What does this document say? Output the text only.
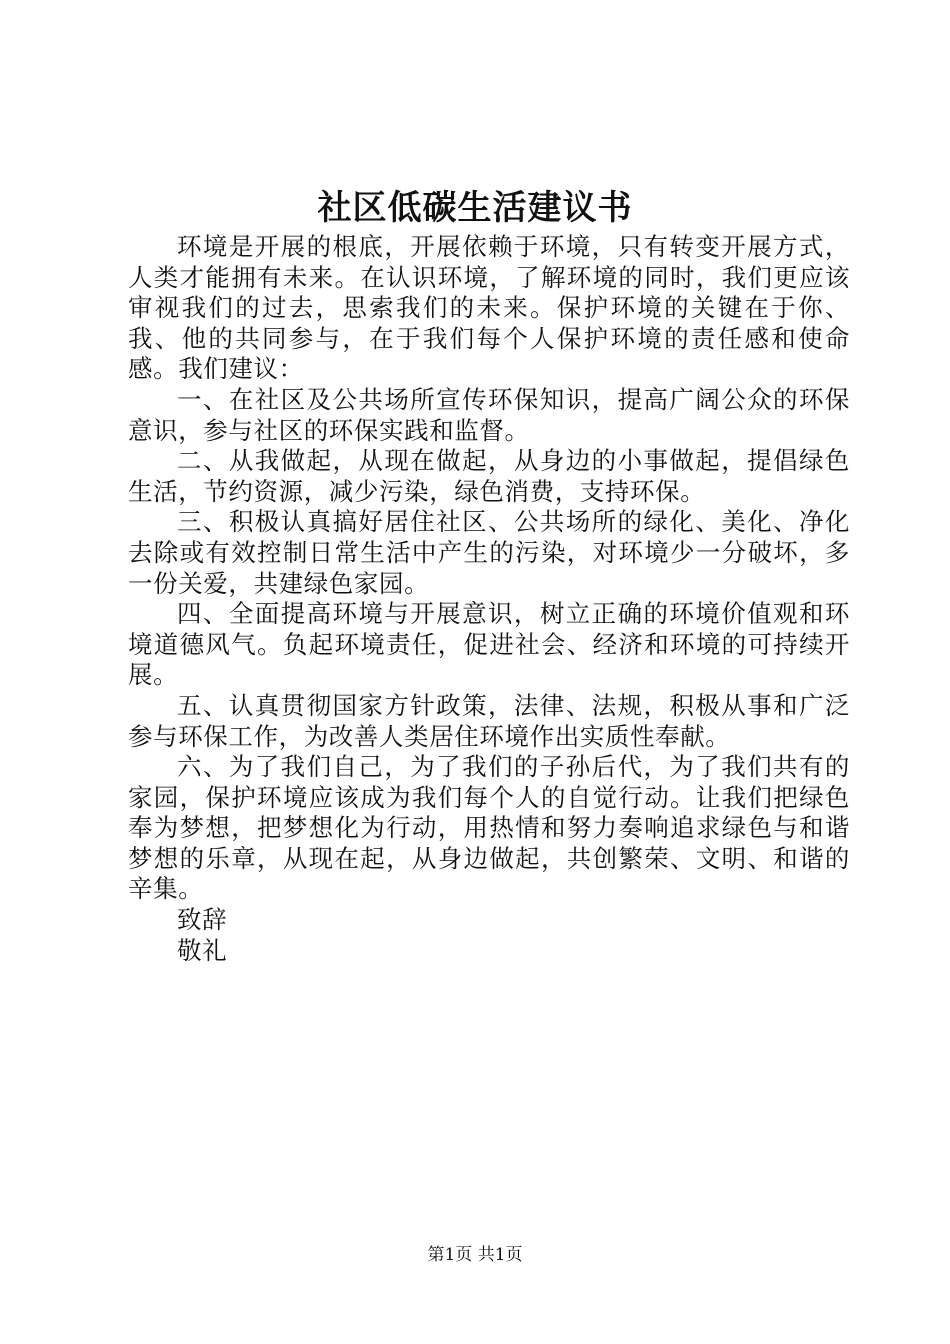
社区低碳生活建议书

环境是开展的根底，开展依赖于环境，只有转变开展方式，人类才能拥有未来。在认识环境，了解环境的同时，我们更应该审视我们的过去，思索我们的未来。保护环境的关键在于你、我、他的共同参与，在于我们每个人保护环境的责任感和使命感。我们建议：

一、在社区及公共场所宣传环保知识，提高广阔公众的环保意识，参与社区的环保实践和监督。

二、从我做起，从现在做起，从身边的小事做起，提倡绿色生活，节约资源，减少污染，绿色消费，支持环保。

三、积极认真搞好居住社区、公共场所的绿化、美化、净化去除或有效控制日常生活中产生的污染，对环境少一分破坏，多一份关爱，共建绿色家园。

四、全面提高环境与开展意识，树立正确的环境价值观和环境道德风气。负起环境责任，促进社会、经济和环境的可持续开展。

五、认真贯彻国家方针政策，法律、法规，积极从事和广泛参与环保工作，为改善人类居住环境作出实质性奉献。

六、为了我们自己，为了我们的子孙后代，为了我们共有的家园，保护环境应该成为我们每个人的自觉行动。让我们把绿色奉为梦想，把梦想化为行动，用热情和努力奏响追求绿色与和谐梦想的乐章，从现在起，从身边做起，共创繁荣、文明、和谐的辛集。

致辞
敬礼
第1页 共1页
